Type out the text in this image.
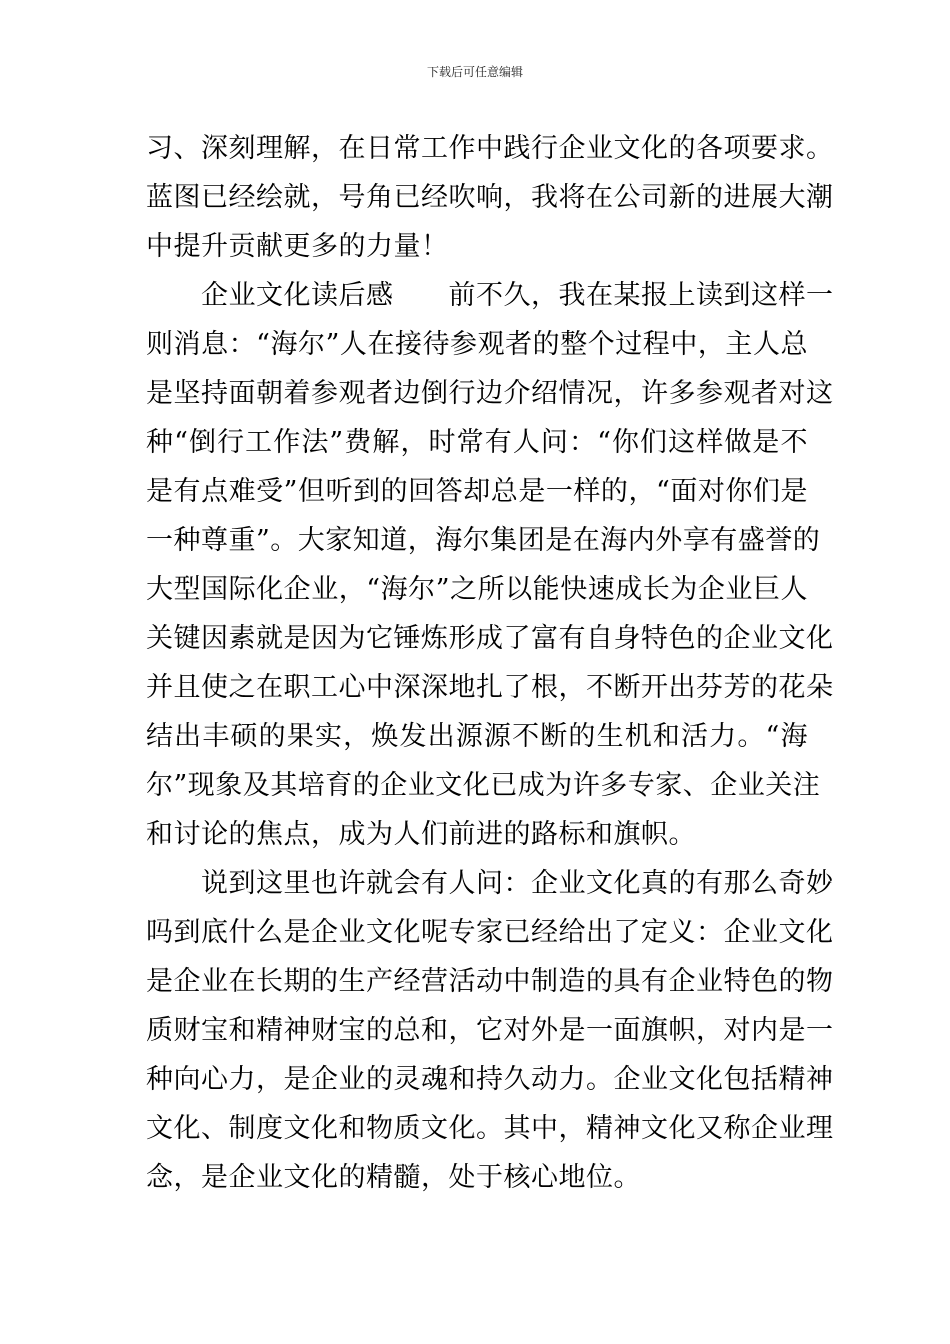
下载后可任意编辑
习、深刻理解，在日常工作中践行企业文化的各项要求。
蓝图已经绘就，号角已经吹响，我将在公司新的进展大潮
中提升贡献更多的力量！
企业文化读后感　　前不久，我在某报上读到这样一
则消息：“海尔”人在接待参观者的整个过程中，主人总
是坚持面朝着参观者边倒行边介绍情况，许多参观者对这
种“倒行工作法”费解，时常有人问：“你们这样做是不
是有点难受”但听到的回答却总是一样的，“面对你们是
一种尊重”。大家知道，海尔集团是在海内外享有盛誉的
大型国际化企业，“海尔”之所以能快速成长为企业巨人
关键因素就是因为它锤炼形成了富有自身特色的企业文化
并且使之在职工心中深深地扎了根，不断开出芬芳的花朵
结出丰硕的果实，焕发出源源不断的生机和活力。“海
尔”现象及其培育的企业文化已成为许多专家、企业关注
和讨论的焦点，成为人们前进的路标和旗帜。
说到这里也许就会有人问：企业文化真的有那么奇妙
吗到底什么是企业文化呢专家已经给出了定义：企业文化
是企业在长期的生产经营活动中制造的具有企业特色的物
质财宝和精神财宝的总和，它对外是一面旗帜，对内是一
种向心力，是企业的灵魂和持久动力。企业文化包括精神
文化、制度文化和物质文化。其中，精神文化又称企业理
念，是企业文化的精髓，处于核心地位。
